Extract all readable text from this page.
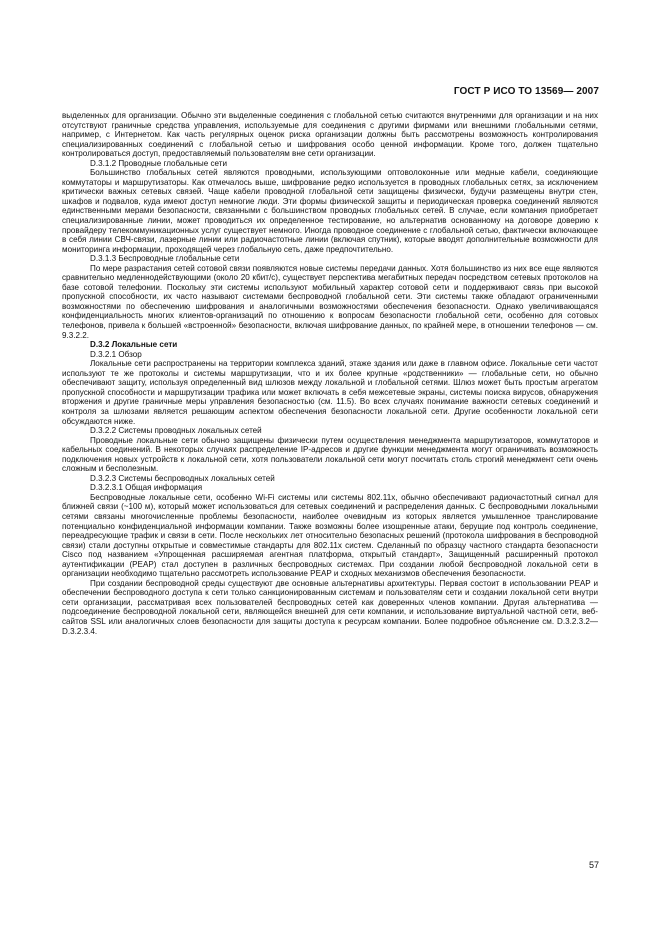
ГОСТ Р ИСО ТО 13569— 2007

выделенных для организации. Обычно эти выделенные соединения с глобальной сетью считаются внутренними для организации и на них отсутствуют граничные средства управления, используемые для соединения с другими фирмами или внешними глобальными сетями, например, с Интернетом. Как часть регулярных оценок риска организации должны быть рассмотрены возможность контролирования специализированных соединений с глобальной сетью и шифрования особо ценной информации. Кроме того, должен тщательно контролироваться доступ, предоставляемый пользователям вне сети организации.

D.3.1.2 Проводные глобальные сети

Большинство глобальных сетей являются проводными, использующими оптоволоконные или медные кабели, соединяющие коммутаторы и маршрутизаторы. Как отмечалось выше, шифрование редко используется в проводных глобальных сетях, за исключением критически важных сетевых связей. Чаще кабели проводной глобальной сети защищены физически, будучи размещены внутри стен, шкафов и подвалов, куда имеют доступ немногие люди. Эти формы физической защиты и периодическая проверка соединений являются единственными мерами безопасности, связанными с большинством проводных глобальных сетей. В случае, если компания приобретает специализированные линии, может проводиться их определенное тестирование, но альтернатив основанному на договоре доверию к провайдеру телекоммуникационных услуг существует немного. Иногда проводное соединение с глобальной сетью, фактически включающее в себя линии СВЧ-связи, лазерные линии или радиочастотные линии (включая спутник), которые вводят дополнительные возможности для мониторинга информации, проходящей через глобальную сеть, даже предпочтительно.

D.3.1.3 Беспроводные глобальные сети

По мере разрастания сетей сотовой связи появляются новые системы передачи данных. Хотя большинство из них все еще являются сравнительно медленнодействующими (около 20 кбит/с), существует перспектива мегабитных передач посредством сетевых протоколов на базе сотовой телефонии. Поскольку эти системы используют мобильный характер сотовой сети и поддерживают связь при высокой пропускной способности, их часто называют системами беспроводной глобальной сети. Эти системы также обладают ограниченными возможностями по обеспечению шифрования и аналогичными возможностями обеспечения безопасности. Однако увеличивающаяся конфиденциальность многих клиентов-организаций по отношению к вопросам безопасности глобальной сети, особенно для сотовых телефонов, привела к большей «встроенной» безопасности, включая шифрование данных, по крайней мере, в отношении телефонов — см. 9.3.2.2.

D.3.2 Локальные сети
D.3.2.1 Обзор

Локальные сети распространены на территории комплекса зданий, этаже здания или даже в главном офисе. Локальные сети частот используют те же протоколы и системы маршрутизации, что и их более крупные «родственники» — глобальные сети, но обычно обеспечивают защиту, используя определенный вид шлюзов между локальной и глобальной сетями. Шлюз может быть простым агрегатом пропускной способности и маршрутизации трафика или может включать в себя межсетевые экраны, системы поиска вирусов, обнаружения вторжения и другие граничные меры управления безопасностью (см. 11.5). Во всех случаях понимание важности сетевых соединений и контроля за шлюзами является решающим аспектом обеспечения безопасности локальной сети. Другие особенности локальной сети обсуждаются ниже.

D.3.2.2 Системы проводных локальных сетей

Проводные локальные сети обычно защищены физически путем осуществления менеджмента маршрутизаторов, коммутаторов и кабельных соединений. В некоторых случаях распределение IP-адресов и другие функции менеджмента могут ограничивать возможность подключения новых устройств к локальной сети, хотя пользователи локальной сети могут посчитать столь строгий менеджмент сети очень сложным и бесполезным.

D.3.2.3 Системы беспроводных локальных сетей
D.3.2.3.1 Общая информация

Беспроводные локальные сети, особенно Wi-Fi системы или системы 802.11x, обычно обеспечивают радиочастотный сигнал для ближней связи (~100 м), который может использоваться для сетевых соединений и распределения данных. С беспроводными локальными сетями связаны многочисленные проблемы безопасности, наиболее очевидным из которых является умышленное транслирование потенциально конфиденциальной информации компании. Также возможны более изощренные атаки, берущие под контроль соединение, переадресующие трафик и связи в сети. После нескольких лет относительно безопасных решений (протокола шифрования в беспроводной связи) стали доступны открытые и совместимые стандарты для 802.11x систем. Сделанный по образцу частного стандарта безопасности Cisco под названием «Упрощенная расширяемая агентная платформа, открытый стандарт», Защищенный расширенный протокол аутентификации (PEAP) стал доступен в различных беспроводных системах. При создании любой беспроводной локальной сети в организации необходимо тщательно рассмотреть использование PEAP и сходных механизмов обеспечения безопасности.

При создании беспроводной среды существуют две основные альтернативы архитектуры. Первая состоит в использовании PEAP и обеспечении беспроводного доступа к сети только санкционированным системам и пользователям сети и создании локальной сети внутри сети организации, рассматривая всех пользователей беспроводных сетей как доверенных членов компании. Другая альтернатива — подсоединение беспроводной локальной сети, являющейся внешней для сети компании, и использование виртуальной частной сети, веб-сайтов SSL или аналогичных слоев безопасности для защиты доступа к ресурсам компании. Более подробное объяснение см. D.3.2.3.2—D.3.2.3.4.

57
